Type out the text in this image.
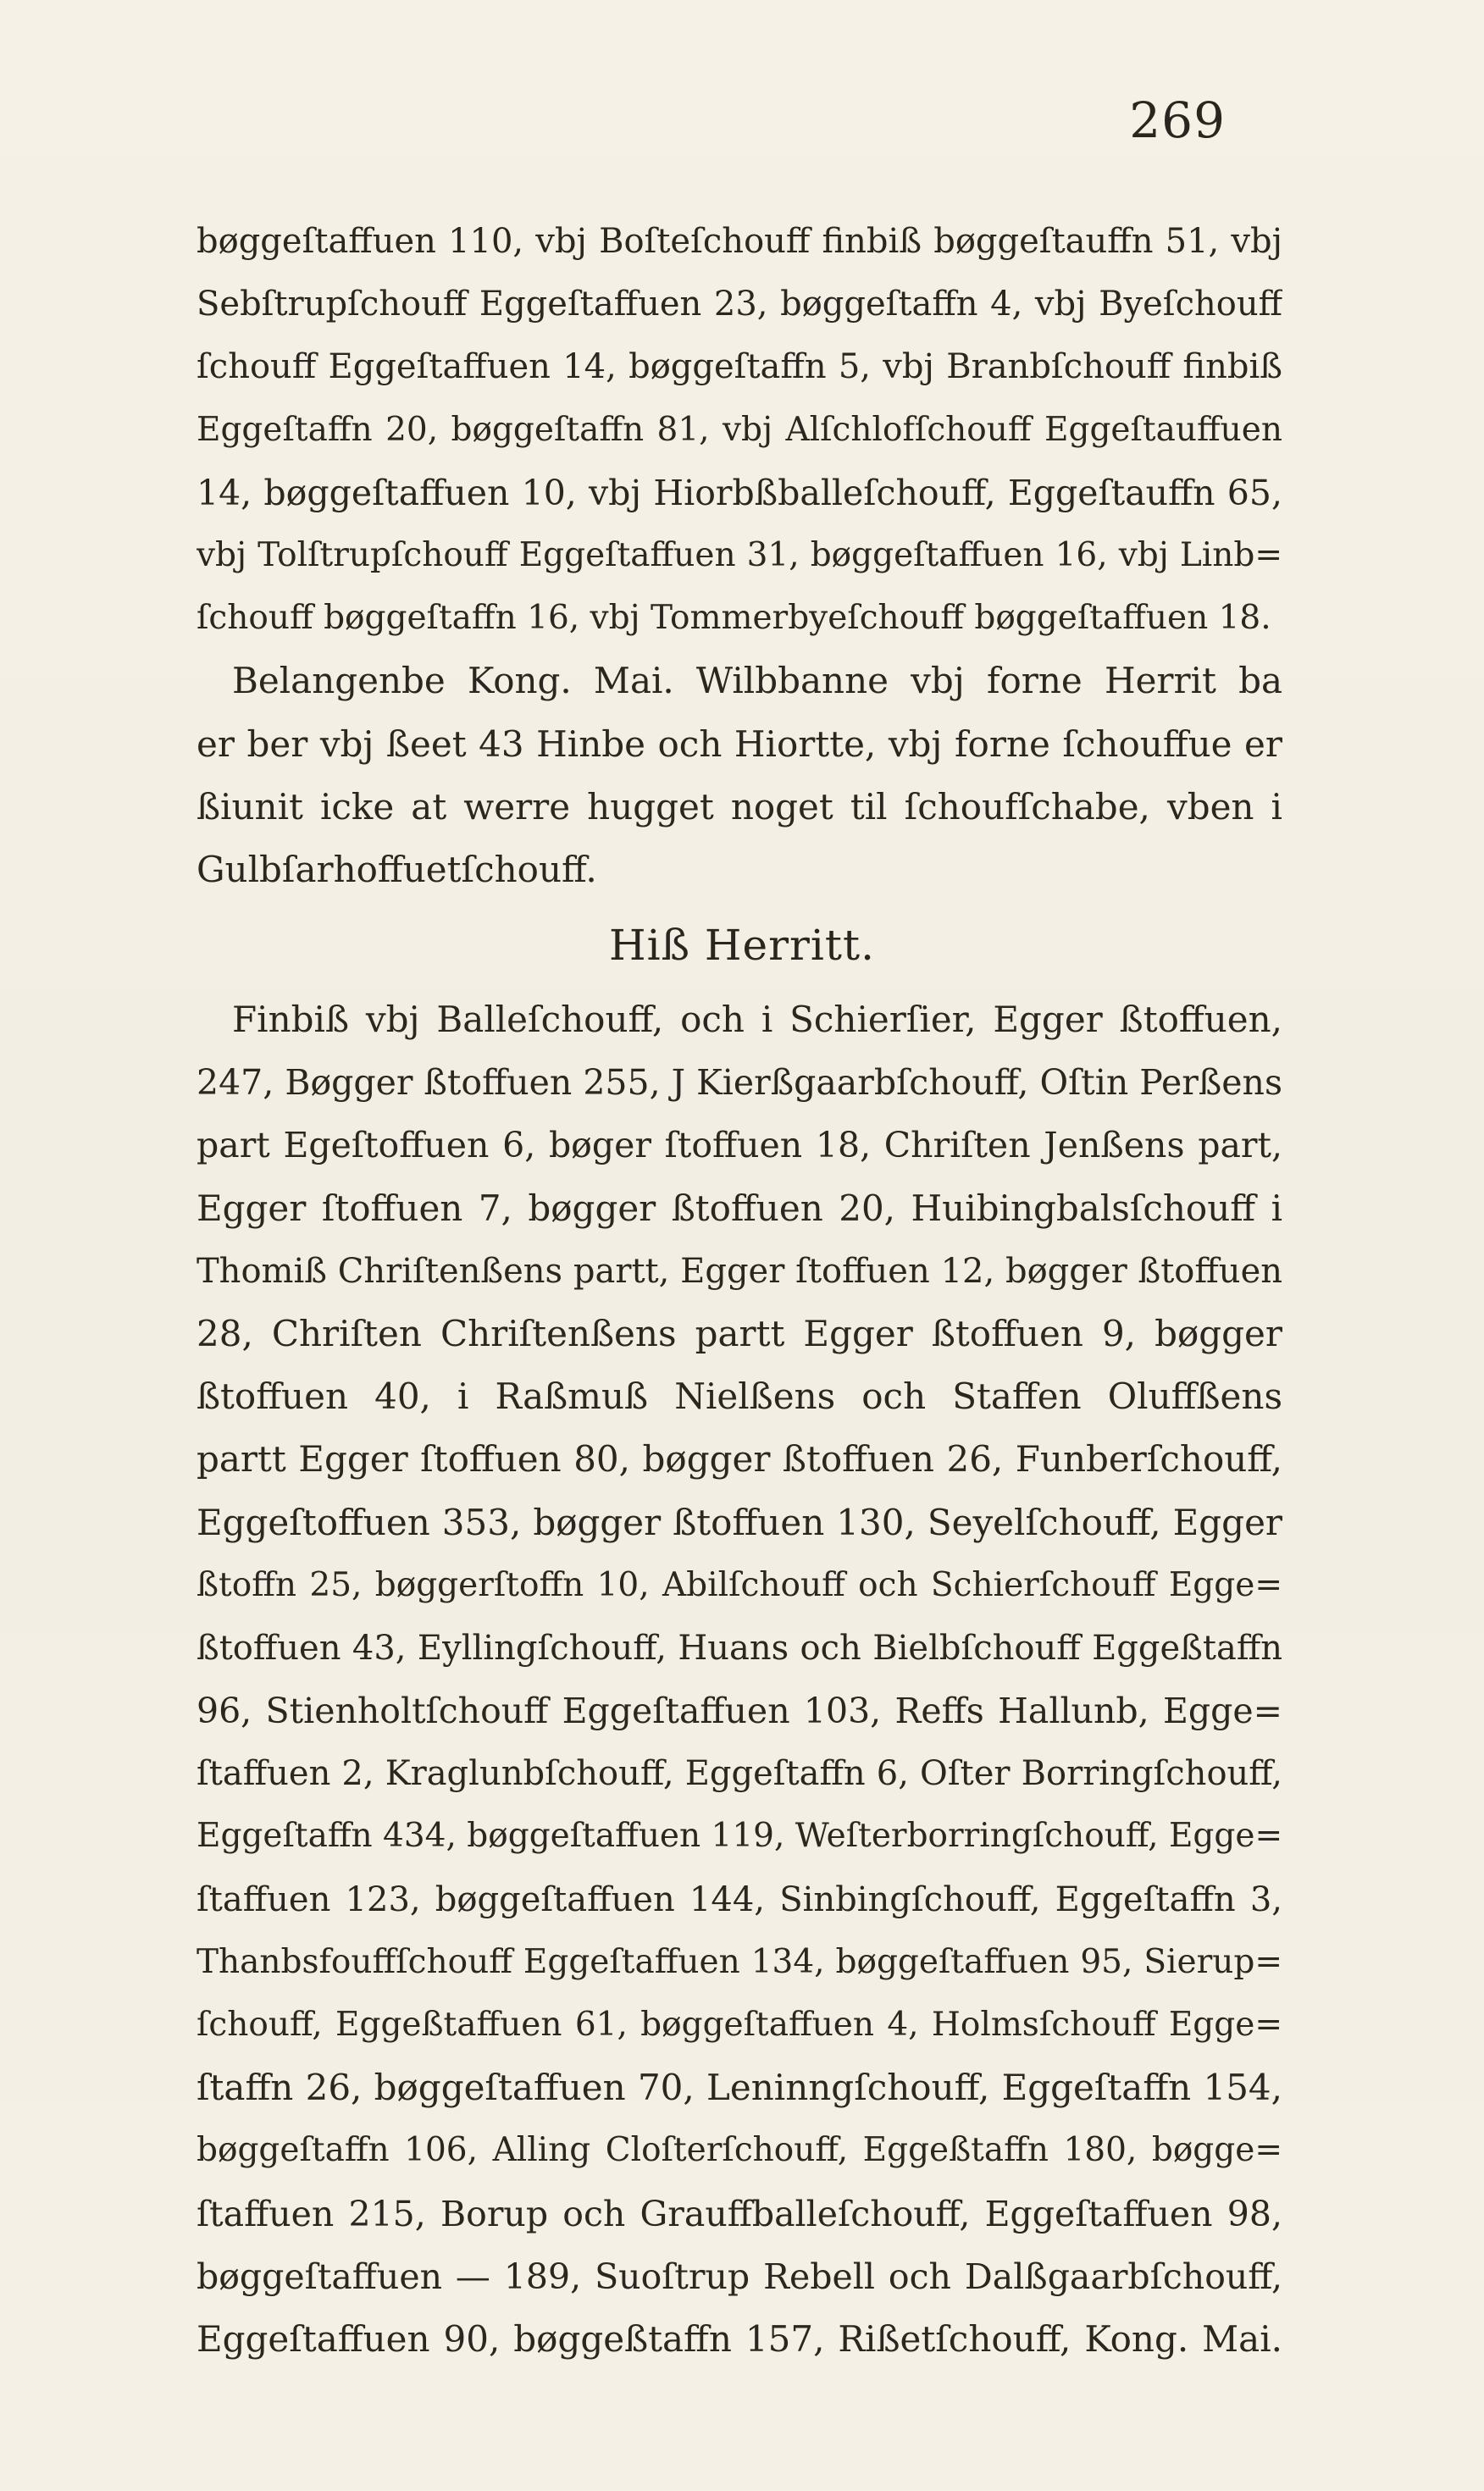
269
bøggeſtaffuen 110, vbj Boſteſchouff finbiß bøggeſtauffn 51, vbj
Sebſtrupſchouff Eggeſtaffuen 23, bøggeſtaffn 4, vbj Byeſchouff
ſchouff Eggeſtaffuen 14, bøggeſtaffn 5, vbj Branbſchouff finbiß
Eggeſtaffn 20, bøggeſtaffn 81, vbj Alſchlofſchouff Eggeſtauffuen
14, bøggeſtaffuen 10, vbj Hiorbßballeſchouff, Eggeſtauffn 65,
vbj Tolſtrupſchouff Eggeſtaffuen 31, bøggeſtaffuen 16, vbj Linb=
ſchouff bøggeſtaffn 16, vbj Tommerbyeſchouff bøggeſtaffuen 18.
Belangenbe Kong. Mai. Wilbbanne vbj forne Herrit ba
er ber vbj ßeet 43 Hinbe och Hiortte, vbj forne ſchouffue er
ßiunit icke at werre hugget noget til ſchoufſchabe, vben i
Gulbſarhoffuetſchouff.
Hiß Herritt.
Finbiß vbj Balleſchouff, och i Schierſier, Egger ßtoffuen,
247, Bøgger ßtoffuen 255, J Kierßgaarbſchouff, Oſtin Perßens
part Egeſtoffuen 6, bøger ſtoffuen 18, Chriſten Jenßens part,
Egger ſtoffuen 7, bøgger ßtoffuen 20, Huibingbalsſchouff i
Thomiß Chriſtenßens partt, Egger ſtoffuen 12, bøgger ßtoffuen
28, Chriſten Chriſtenßens partt Egger ßtoffuen 9, bøgger
ßtoffuen 40, i Raßmuß Nielßens och Staffen Oluffßens
partt Egger ſtoffuen 80, bøgger ßtoffuen 26, Funberſchouff,
Eggeſtoffuen 353, bøgger ßtoffuen 130, Seyelſchouff, Egger
ßtoffn 25, bøggerſtoffn 10, Abilſchouff och Schierſchouff Egge=
ßtoffuen 43, Eyllingſchouff, Huans och Bielbſchouff Eggeßtaffn
96, Stienholtſchouff Eggeſtaffuen 103, Reffs Hallunb, Egge=
ſtaffuen 2, Kraglunbſchouff, Eggeſtaffn 6, Oſter Borringſchouff,
Eggeſtaffn 434, bøggeſtaffuen 119, Weſterborringſchouff, Egge=
ſtaffuen 123, bøggeſtaffuen 144, Sinbingſchouff, Eggeſtaffn 3,
Thanbsfouffſchouff Eggeſtaffuen 134, bøggeſtaffuen 95, Sierup=
ſchouff, Eggeßtaffuen 61, bøggeſtaffuen 4, Holmsſchouff Egge=
ſtaffn 26, bøggeſtaffuen 70, Leninngſchouff, Eggeſtaffn 154,
bøggeſtaffn 106, Alling Cloſterſchouff, Eggeßtaffn 180, bøgge=
ſtaffuen 215, Borup och Grauffballeſchouff, Eggeſtaffuen 98,
bøggeſtaffuen — 189, Suoſtrup Rebell och Dalßgaarbſchouff,
Eggeſtaffuen 90, bøggeßtaffn 157, Rißetſchouff, Kong. Mai.
